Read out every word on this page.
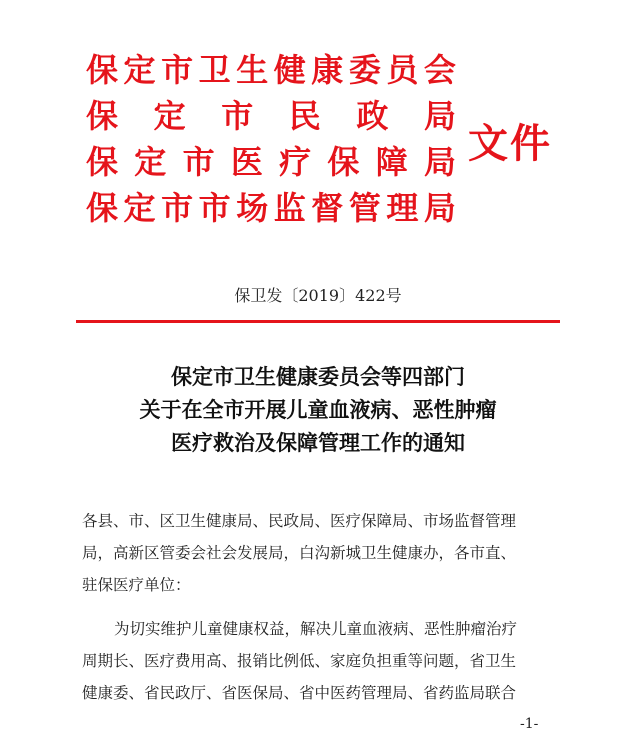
保 定 市 卫 生 健 康 委 员 会
保 定 市 民 政 局
保 定 市 医 疗 保 障 局
保 定 市 市 场 监 督 管 理 局
文件
保卫发〔2019〕422号
保定市卫生健康委员会等四部门
关于在全市开展儿童血液病、恶性肿瘤
医疗救治及保障管理工作的通知
各县、市、区卫生健康局、民政局、医疗保障局、市场监督管理
局，高新区管委会社会发展局，白沟新城卫生健康办，各市直、
驻保医疗单位：
为切实维护儿童健康权益，解决儿童血液病、恶性肿瘤治疗
周期长、医疗费用高、报销比例低、家庭负担重等问题，省卫生
健康委、省民政厅、省医保局、省中医药管理局、省药监局联合
-1-
